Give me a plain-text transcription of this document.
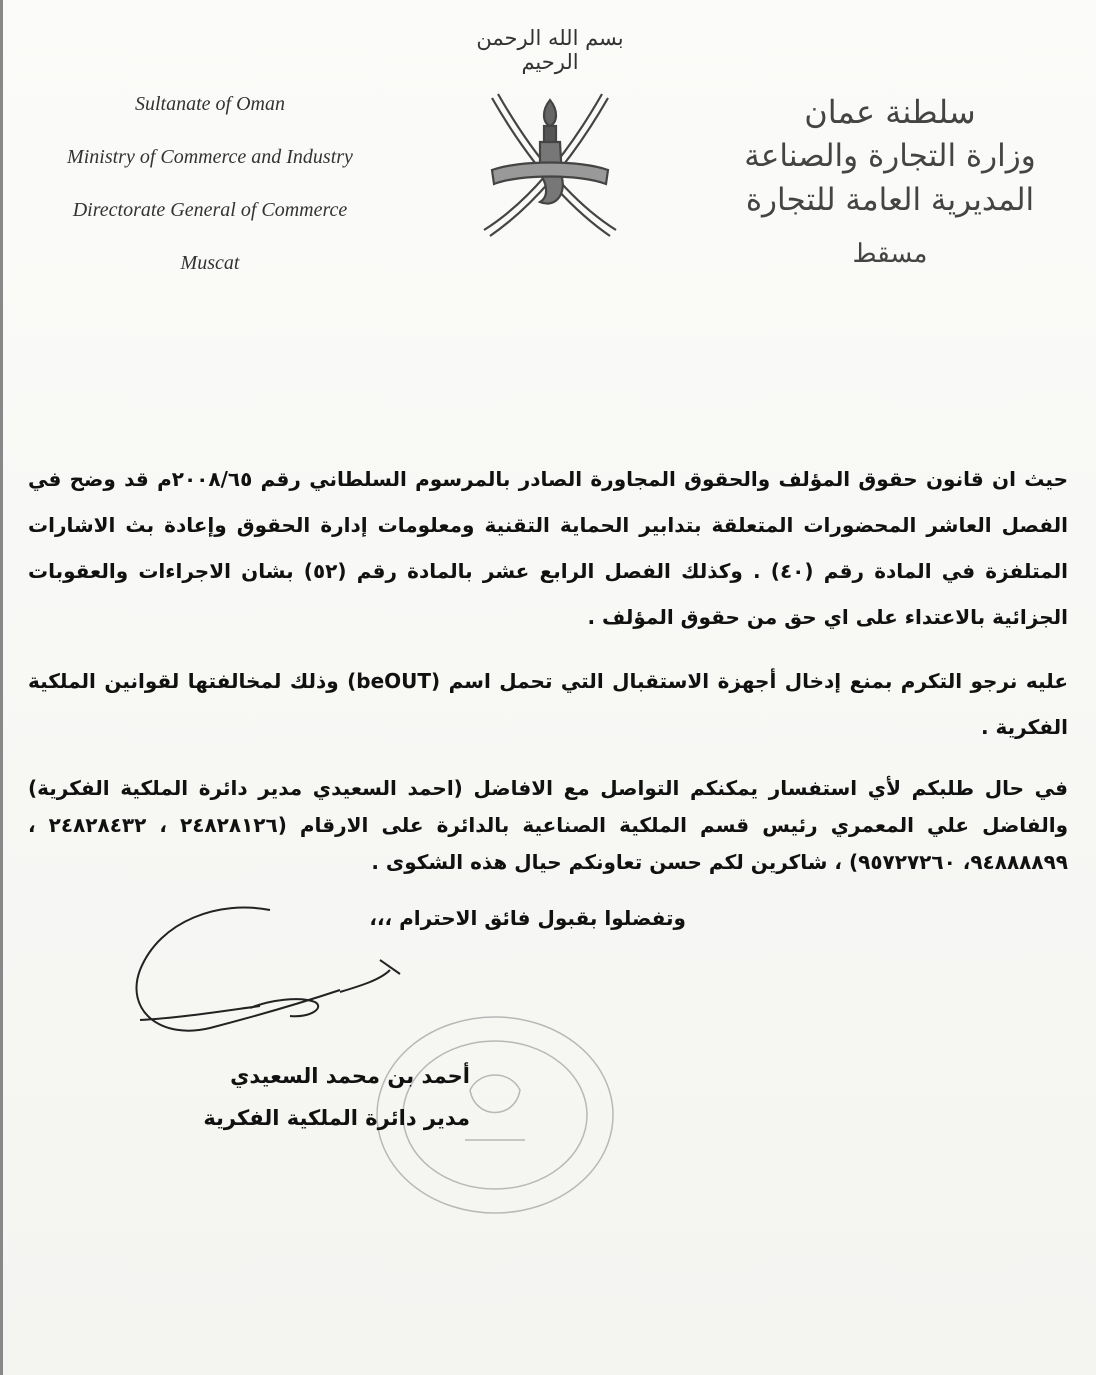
بسم الله الرحمن الرحيم
Sultanate of Oman
Ministry of Commerce and Industry
Directorate General of Commerce
Muscat
سلطنة عمان
وزارة التجارة والصناعة
المديرية العامة للتجارة
مسقط
حيث ان قانون حقوق المؤلف والحقوق المجاورة الصادر بالمرسوم السلطاني رقم ٢٠٠٨/٦٥م قد وضح في الفصل العاشر المحضورات المتعلقة بتدابير الحماية التقنية ومعلومات إدارة الحقوق وإعادة بث الاشارات المتلفزة في المادة رقم (٤٠) . وكذلك الفصل الرابع عشر بالمادة رقم (٥٢) بشان الاجراءات والعقوبات الجزائية بالاعتداء على اي حق من حقوق المؤلف .
عليه نرجو التكرم بمنع إدخال أجهزة الاستقبال التي تحمل اسم (beOUT) وذلك لمخالفتها لقوانين الملكية الفكرية .
في حال طلبكم لأي استفسار يمكنكم التواصل مع الافاضل (احمد السعيدي مدير دائرة الملكية الفكرية) والفاضل علي المعمري رئيس قسم الملكية الصناعية بالدائرة على الارقام (٢٤٨٢٨١٢٦ ، ٢٤٨٢٨٤٣٢ ، ٩٤٨٨٨٨٩٩، ٩٥٧٢٧٢٦٠) ، شاكرين لكم حسن تعاونكم حيال هذه الشكوى .
وتفضلوا بقبول فائق الاحترام ،،،
أحمد بن محمد السعيدي
مدير دائرة الملكية الفكرية
